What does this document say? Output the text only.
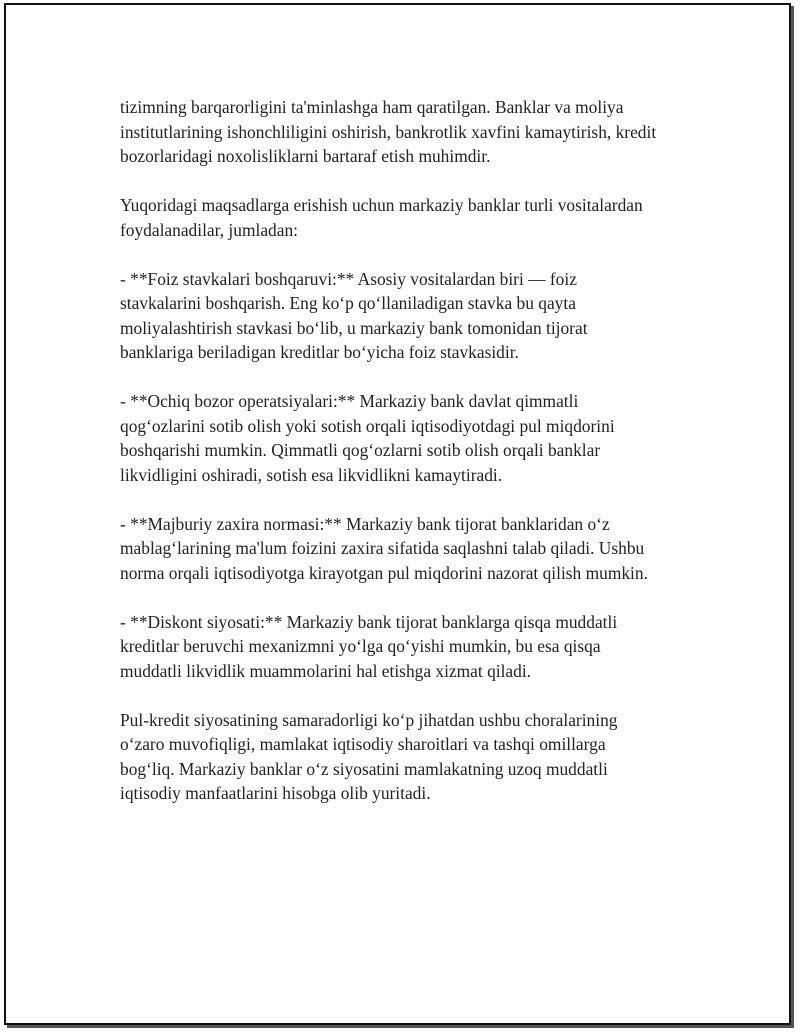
tizimning barqarorligini ta'minlashga ham qaratilgan. Banklar va moliya
institutlarining ishonchliligini oshirish, bankrotlik xavfini kamaytirish, kredit
bozorlaridagi noxolisliklarni bartaraf etish muhimdir.

Yuqoridagi maqsadlarga erishish uchun markaziy banklar turli vositalardan
foydalanadilar, jumladan:

- **Foiz stavkalari boshqaruvi:** Asosiy vositalardan biri — foiz
stavkalarini boshqarish. Eng koʻp qoʻllaniladigan stavka bu qayta
moliyalashtirish stavkasi boʻlib, u markaziy bank tomonidan tijorat
banklariga beriladigan kreditlar boʻyicha foiz stavkasidir.

- **Ochiq bozor operatsiyalari:** Markaziy bank davlat qimmatli
qogʻozlarini sotib olish yoki sotish orqali iqtisodiyotdagi pul miqdorini
boshqarishi mumkin. Qimmatli qogʻozlarni sotib olish orqali banklar
likvidligini oshiradi, sotish esa likvidlikni kamaytiradi.

- **Majburiy zaxira normasi:** Markaziy bank tijorat banklaridan oʻz
mablagʻlarining ma'lum foizini zaxira sifatida saqlashni talab qiladi. Ushbu
norma orqali iqtisodiyotga kirayotgan pul miqdorini nazorat qilish mumkin.

- **Diskont siyosati:** Markaziy bank tijorat banklarga qisqa muddatli
kreditlar beruvchi mexanizmni yoʻlga qoʻyishi mumkin, bu esa qisqa
muddatli likvidlik muammolarini hal etishga xizmat qiladi.

Pul-kredit siyosatining samaradorligi koʻp jihatdan ushbu choralarining
oʻzaro muvofiqligi, mamlakat iqtisodiy sharoitlari va tashqi omillarga
bogʻliq. Markaziy banklar oʻz siyosatini mamlakatning uzoq muddatli
iqtisodiy manfaatlarini hisobga olib yuritadi.
